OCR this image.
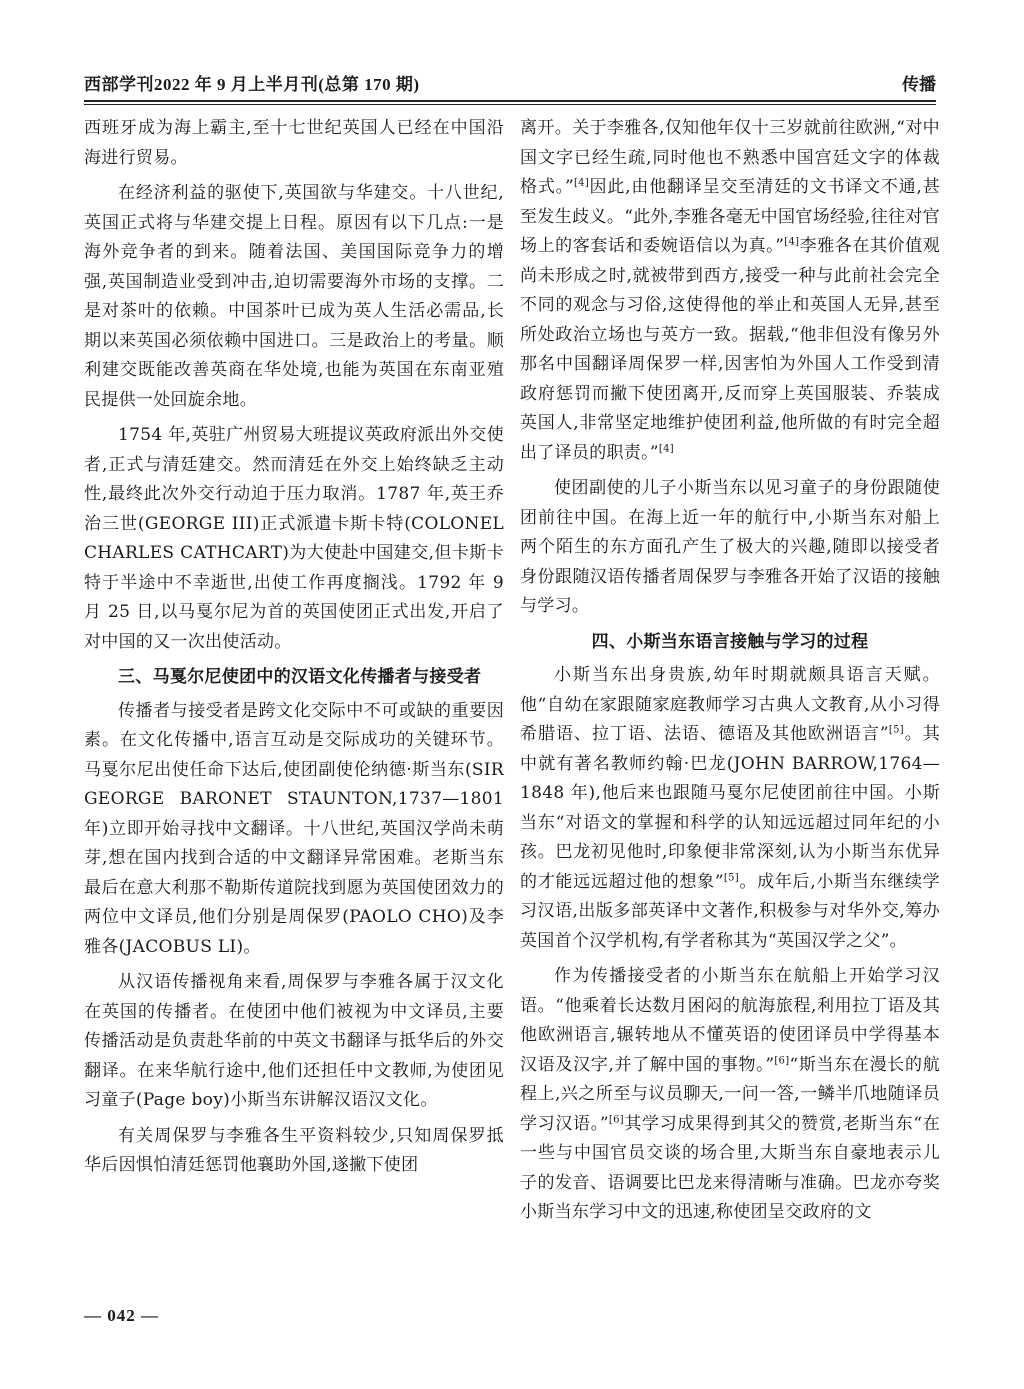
西部学刊2022 年 9 月上半月刊(总第 170 期)	传播

西班牙成为海上霸主,至十七世纪英国人已经在中国沿海进行贸易。

在经济利益的驱使下,英国欲与华建交。十八世纪,英国正式将与华建交提上日程。原因有以下几点:一是海外竞争者的到来。随着法国、美国国际竞争力的增强,英国制造业受到冲击,迫切需要海外市场的支撑。二是对茶叶的依赖。中国茶叶已成为英人生活必需品,长期以来英国必须依赖中国进口。三是政治上的考量。顺利建交既能改善英商在华处境,也能为英国在东南亚殖民提供一处回旋余地。

1754 年,英驻广州贸易大班提议英政府派出外交使者,正式与清廷建交。然而清廷在外交上始终缺乏主动性,最终此次外交行动迫于压力取消。1787 年,英王乔治三世(GEORGE III)正式派遣卡斯卡特(COLONEL CHARLES CATHCART)为大使赴中国建交,但卡斯卡特于半途中不幸逝世,出使工作再度搁浅。1792 年 9 月 25 日,以马戛尔尼为首的英国使团正式出发,开启了对中国的又一次出使活动。

三、马戛尔尼使团中的汉语文化传播者与接受者

传播者与接受者是跨文化交际中不可或缺的重要因素。在文化传播中,语言互动是交际成功的关键环节。马戛尔尼出使任命下达后,使团副使伦纳德·斯当东(SIR GEORGE BARONET STAUNTON,1737—1801 年)立即开始寻找中文翻译。十八世纪,英国汉学尚未萌芽,想在国内找到合适的中文翻译异常困难。老斯当东最后在意大利那不勒斯传道院找到愿为英国使团效力的两位中文译员,他们分别是周保罗(PAOLO CHO)及李雅各(JACOBUS LI)。

从汉语传播视角来看,周保罗与李雅各属于汉文化在英国的传播者。在使团中他们被视为中文译员,主要传播活动是负责赴华前的中英文书翻译与抵华后的外交翻译。在来华航行途中,他们还担任中文教师,为使团见习童子(Page boy)小斯当东讲解汉语汉文化。

有关周保罗与李雅各生平资料较少,只知周保罗抵华后因惧怕清廷惩罚他襄助外国,遂撇下使团

离开。关于李雅各,仅知他年仅十三岁就前往欧洲,“对中国文字已经生疏,同时他也不熟悉中国宫廷文字的体裁格式。”[4]因此,由他翻译呈交至清廷的文书译文不通,甚至发生歧义。“此外,李雅各毫无中国官场经验,往往对官场上的客套话和委婉语信以为真。”[4]李雅各在其价值观尚未形成之时,就被带到西方,接受一种与此前社会完全不同的观念与习俗,这使得他的举止和英国人无异,甚至所处政治立场也与英方一致。据载,“他非但没有像另外那名中国翻译周保罗一样,因害怕为外国人工作受到清政府惩罚而撇下使团离开,反而穿上英国服装、乔装成英国人,非常坚定地维护使团利益,他所做的有时完全超出了译员的职责。”[4]

使团副使的儿子小斯当东以见习童子的身份跟随使团前往中国。在海上近一年的航行中,小斯当东对船上两个陌生的东方面孔产生了极大的兴趣,随即以接受者身份跟随汉语传播者周保罗与李雅各开始了汉语的接触与学习。

四、小斯当东语言接触与学习的过程

小斯当东出身贵族,幼年时期就颇具语言天赋。他“自幼在家跟随家庭教师学习古典人文教育,从小习得希腊语、拉丁语、法语、德语及其他欧洲语言”[5]。其中就有著名教师约翰·巴龙(JOHN BARROW,1764—1848 年),他后来也跟随马戛尔尼使团前往中国。小斯当东“对语文的掌握和科学的认知远远超过同年纪的小孩。巴龙初见他时,印象便非常深刻,认为小斯当东优异的才能远远超过他的想象”[5]。成年后,小斯当东继续学习汉语,出版多部英译中文著作,积极参与对华外交,筹办英国首个汉学机构,有学者称其为“英国汉学之父”。

作为传播接受者的小斯当东在航船上开始学习汉语。“他乘着长达数月困闷的航海旅程,利用拉丁语及其他欧洲语言,辗转地从不懂英语的使团译员中学得基本汉语及汉字,并了解中国的事物。”[6]“斯当东在漫长的航程上,兴之所至与议员聊天,一问一答,一鳞半爪地随译员学习汉语。”[6]其学习成果得到其父的赞赏,老斯当东“在一些与中国官员交谈的场合里,大斯当东自豪地表示儿子的发音、语调要比巴龙来得清晰与准确。巴龙亦夸奖小斯当东学习中文的迅速,称使团呈交政府的文

— 042 —
